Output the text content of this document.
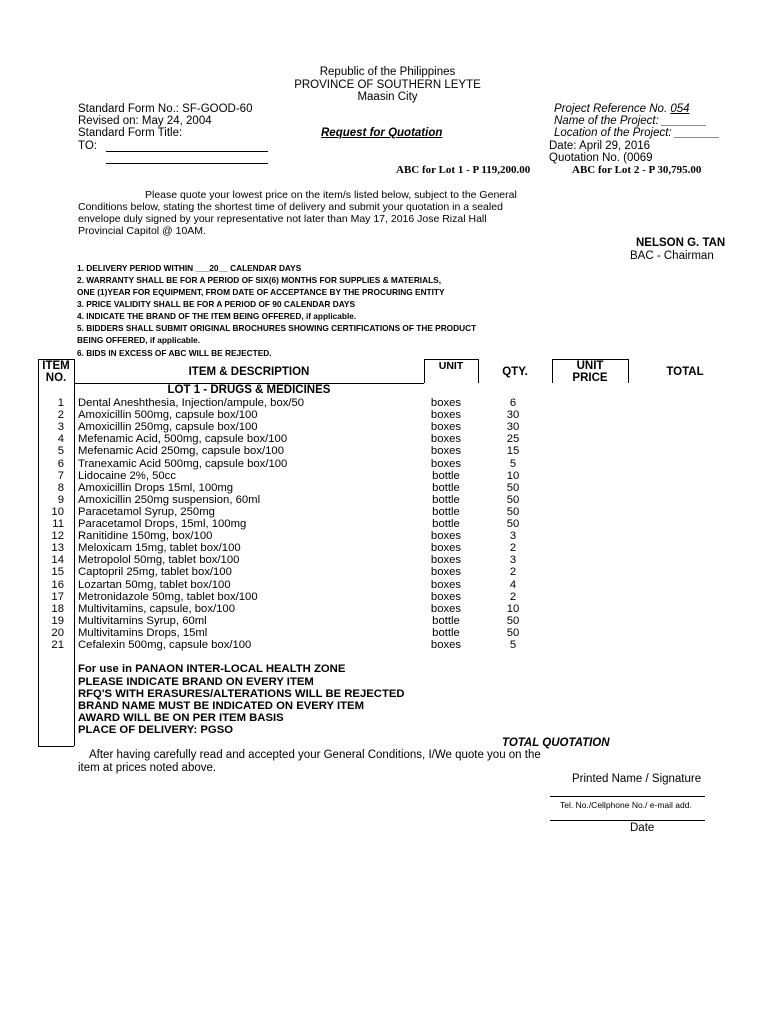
Republic of the Philippines
PROVINCE OF SOUTHERN LEYTE
Maasin City
Standard Form No.: SF-GOOD-60
Revised on: May 24, 2004
Standard Form Title:
TO:
Request for Quotation
Project Reference No. 054
Name of the Project: _______
Location of the Project: _______
Date: April 29, 2016
Quotation No. (0069
ABC for Lot 1 - P 119,200.00	ABC for Lot 2 - P 30,795.00
Please quote your lowest price on the item/s listed below, subject to the General
Conditions below, stating the shortest time of delivery and submit your quotation in a sealed
envelope duly signed by your representative not later than May 17, 2016 Jose Rizal Hall
Provincial Capitol @ 10AM.
NELSON G. TAN
BAC - Chairman
1. DELIVERY PERIOD WITHIN ___20__ CALENDAR DAYS
2. WARRANTY SHALL BE FOR A PERIOD OF SIX(6) MONTHS FOR SUPPLIES & MATERIALS,
ONE (1)YEAR FOR EQUIPMENT, FROM DATE OF ACCEPTANCE BY THE PROCURING ENTITY
3. PRICE VALIDITY SHALL BE FOR A PERIOD OF 90 CALENDAR DAYS
4. INDICATE THE BRAND OF THE ITEM BEING OFFERED, if applicable.
5. BIDDERS SHALL SUBMIT ORIGINAL BROCHURES SHOWING CERTIFICATIONS OF THE PRODUCT
BEING OFFERED, if applicable.
6. BIDS IN EXCESS OF ABC WILL BE REJECTED.
ITEM
NO.	ITEM & DESCRIPTION	UNIT	QTY.	UNIT
PRICE	TOTAL
LOT 1 - DRUGS & MEDICINES
1 Dental Aneshthesia, Injection/ampule, box/50	boxes	6
2 Amoxicillin 500mg, capsule box/100	boxes	30
3 Amoxicillin 250mg, capsule box/100	boxes	30
4 Mefenamic Acid, 500mg, capsule box/100	boxes	25
5 Mefenamic Acid 250mg, capsule box/100	boxes	15
6 Tranexamic Acid 500mg, capsule box/100	boxes	5
7 Lidocaine 2%, 50cc	bottle	10
8 Amoxicillin Drops 15ml, 100mg	bottle	50
9 Amoxicillin 250mg suspension, 60ml	bottle	50
10 Paracetamol Syrup, 250mg	bottle	50
11 Paracetamol Drops, 15ml, 100mg	bottle	50
12 Ranitidine 150mg, box/100	boxes	3
13 Meloxicam 15mg, tablet box/100	boxes	2
14 Metropolol 50mg, tablet box/100	boxes	3
15 Captopril 25mg, tablet box/100	boxes	2
16 Lozartan 50mg, tablet box/100	boxes	4
17 Metronidazole 50mg, tablet box/100	boxes	2
18 Multivitamins, capsule, box/100	boxes	10
19 Multivitamins Syrup, 60ml	bottle	50
20 Multivitamins Drops, 15ml	bottle	50
21 Cefalexin 500mg, capsule box/100	boxes	5
For use in PANAON INTER-LOCAL HEALTH ZONE
PLEASE INDICATE BRAND ON EVERY ITEM
RFQ'S WITH ERASURES/ALTERATIONS WILL BE REJECTED
BRAND NAME MUST BE INDICATED ON EVERY ITEM
AWARD WILL BE ON PER ITEM BASIS
PLACE OF DELIVERY: PGSO
TOTAL QUOTATION
After having carefully read and accepted your General Conditions, I/We quote you on the
item at prices noted above.
Printed Name / Signature
Tel. No./Cellphone No./ e-mail add.
Date
